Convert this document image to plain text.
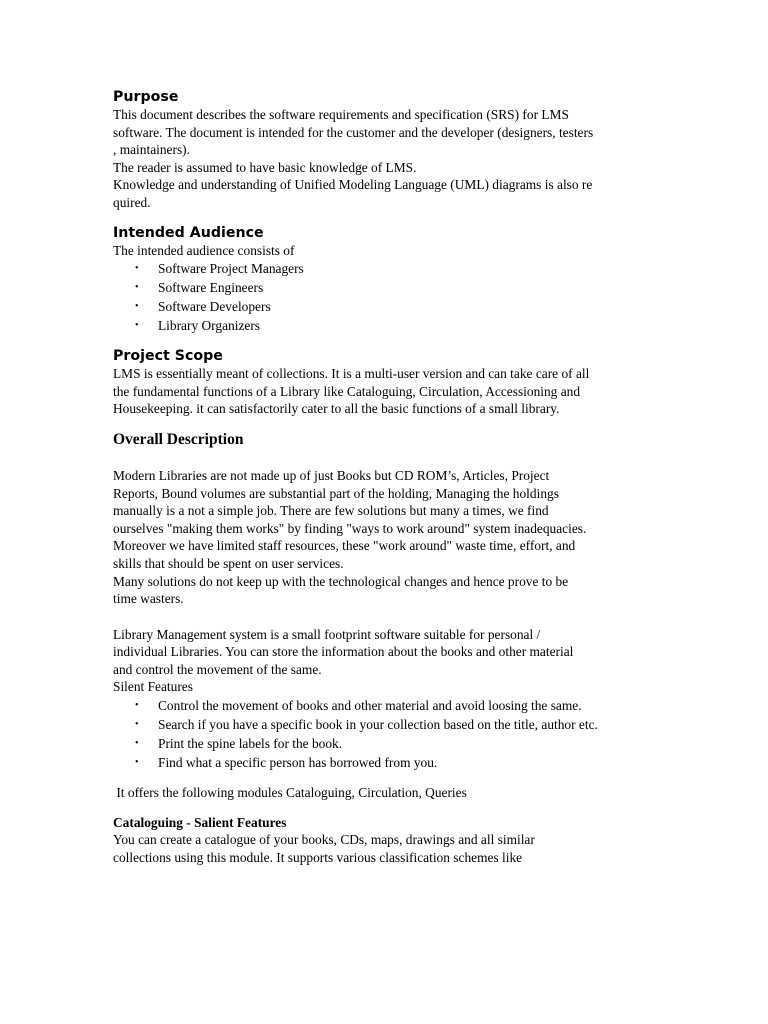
Purpose
This document describes the software requirements and specification (SRS) for LMS
software. The document is intended for the customer and the developer (designers, testers
, maintainers).
The reader is assumed to have basic knowledge of LMS.
Knowledge and understanding of Unified Modeling Language (UML) diagrams is also re
quired.
Intended Audience
The intended audience consists of
• Software Project Managers
• Software Engineers
• Software Developers
• Library Organizers
Project Scope
LMS is essentially meant of collections. It is a multi-user version and can take care of all
the fundamental functions of a Library like Cataloguing, Circulation, Accessioning and
Housekeeping. it can satisfactorily cater to all the basic functions of a small library.
Overall Description
Modern Libraries are not made up of just Books but CD ROM’s, Articles, Project
Reports, Bound volumes are substantial part of the holding, Managing the holdings
manually is a not a simple job. There are few solutions but many a times, we find
ourselves "making them works" by finding "ways to work around" system inadequacies.
Moreover we have limited staff resources, these "work around" waste time, effort, and
skills that should be spent on user services.
Many solutions do not keep up with the technological changes and hence prove to be
time wasters.
Library Management system is a small footprint software suitable for personal /
individual Libraries. You can store the information about the books and other material
and control the movement of the same.
Silent Features
• Control the movement of books and other material and avoid loosing the same.
• Search if you have a specific book in your collection based on the title, author etc.
• Print the spine labels for the book.
• Find what a specific person has borrowed from you.
It offers the following modules Cataloguing, Circulation, Queries
Cataloguing - Salient Features
You can create a catalogue of your books, CDs, maps, drawings and all similar
collections using this module. It supports various classification schemes like
